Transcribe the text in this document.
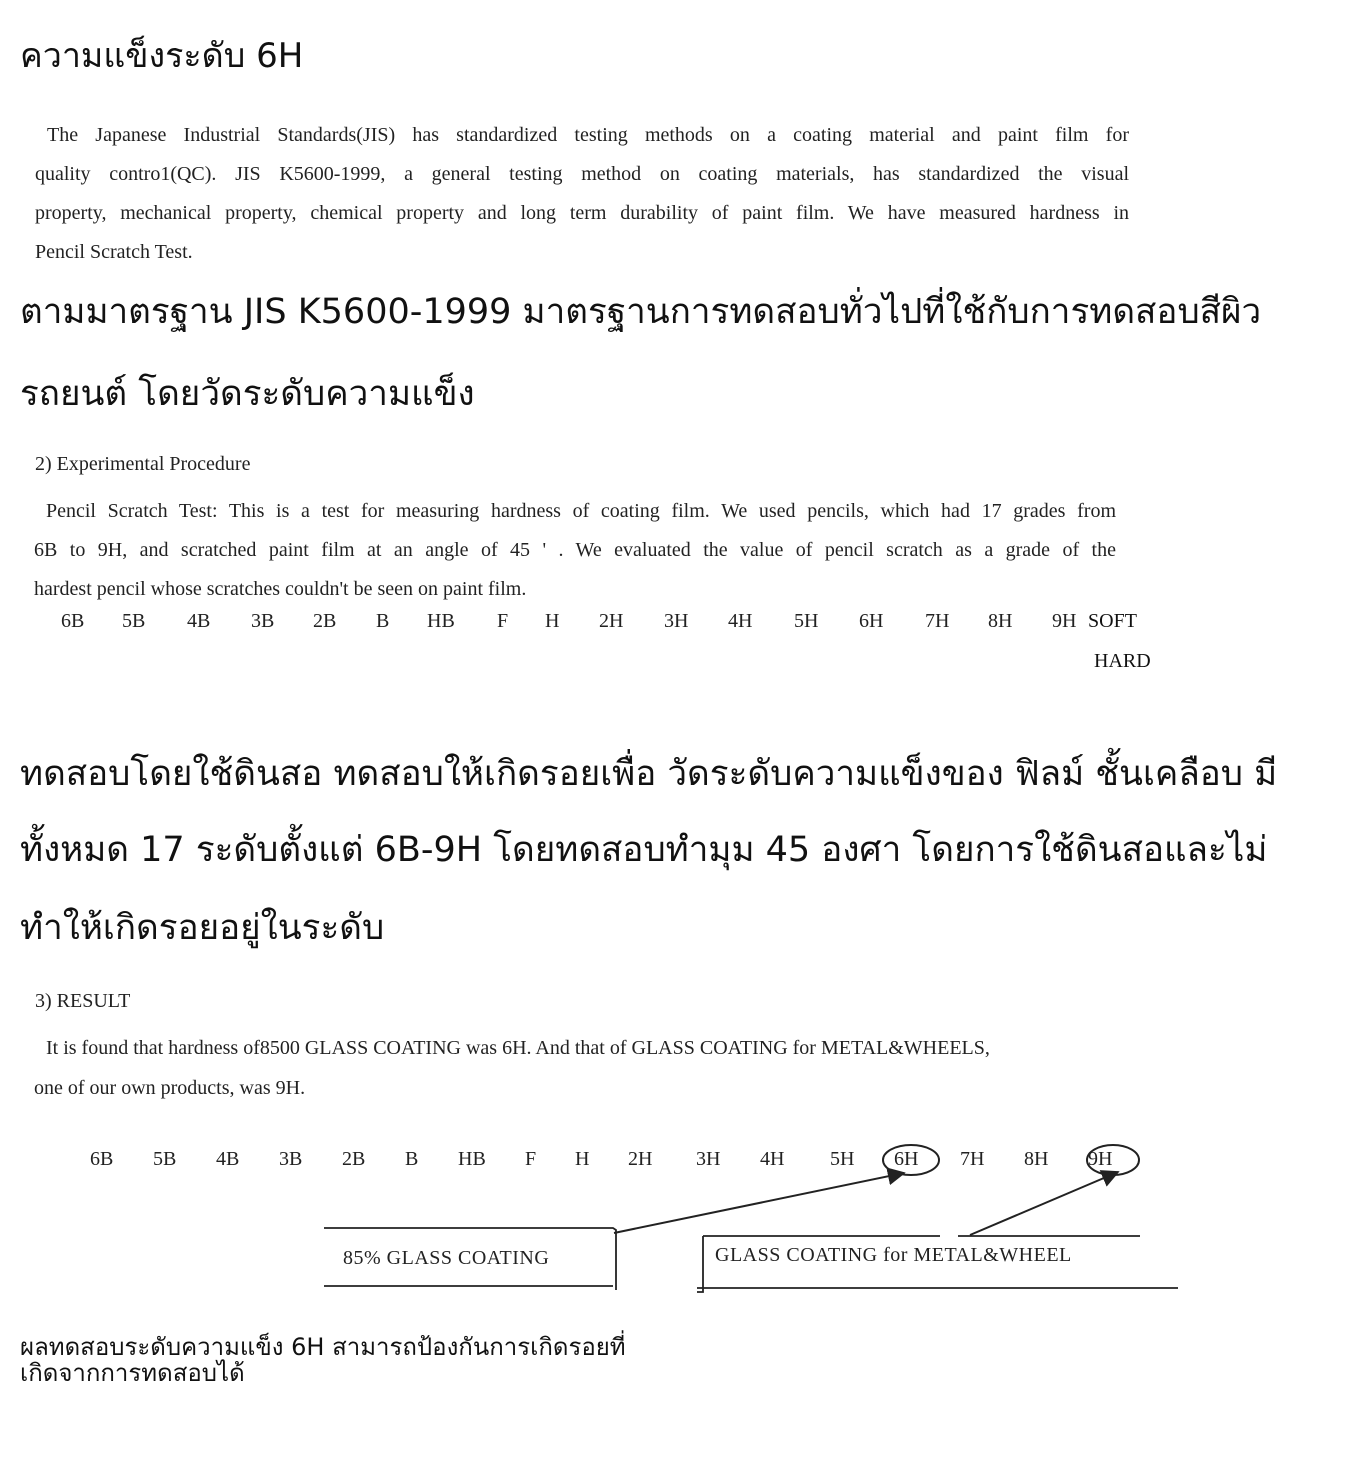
ความแข็งระดับ 6H
The Japanese Industrial Standards(JIS) has standardized testing methods on a coating material and paint film for
quality contro1(QC). JIS K5600-1999, a general testing method on coating materials, has standardized the visual
property, mechanical property, chemical property and long term durability of paint film. We have measured hardness in
Pencil Scratch Test.
ตามมาตรฐาน JIS K5600-1999 มาตรฐานการทดสอบทั่วไปที่ใช้กับการทดสอบสีผิว
รถยนต์ โดยวัดระดับความแข็ง
2) Experimental Procedure
Pencil Scratch Test: This is a test for measuring hardness of coating film. We used pencils, which had 17 grades from
6B to 9H, and scratched paint film at an angle of 45 ' . We evaluated the value of pencil scratch as a grade of the
hardest pencil whose scratches couldn't be seen on paint film.
6B 5B 4B 3B 2B B HB F H 2H 3H 4H 5H 6H 7H 8H 9H SOFT
HARD
ทดสอบโดยใช้ดินสอ ทดสอบให้เกิดรอยเพื่อ วัดระดับความแข็งของ ฟิลม์ ชั้นเคลือบ มี
ทั้งหมด 17 ระดับตั้งแต่ 6B-9H โดยทดสอบทำมุม 45 องศา โดยการใช้ดินสอและไม่
ทำให้เกิดรอยอยู่ในระดับ
3) RESULT
It is found that hardness of8500 GLASS COATING was 6H. And that of GLASS COATING for METAL&WHEELS,
one of our own products, was 9H.
6B 5B 4B 3B 2B B HB F H 2H 3H 4H 5H 6H 7H 8H 9H
85% GLASS COATING	GLASS COATING for METAL&WHEEL
ผลทดสอบระดับความแข็ง 6H สามารถป้องกันการเกิดรอยที่
เกิดจากการทดสอบได้
